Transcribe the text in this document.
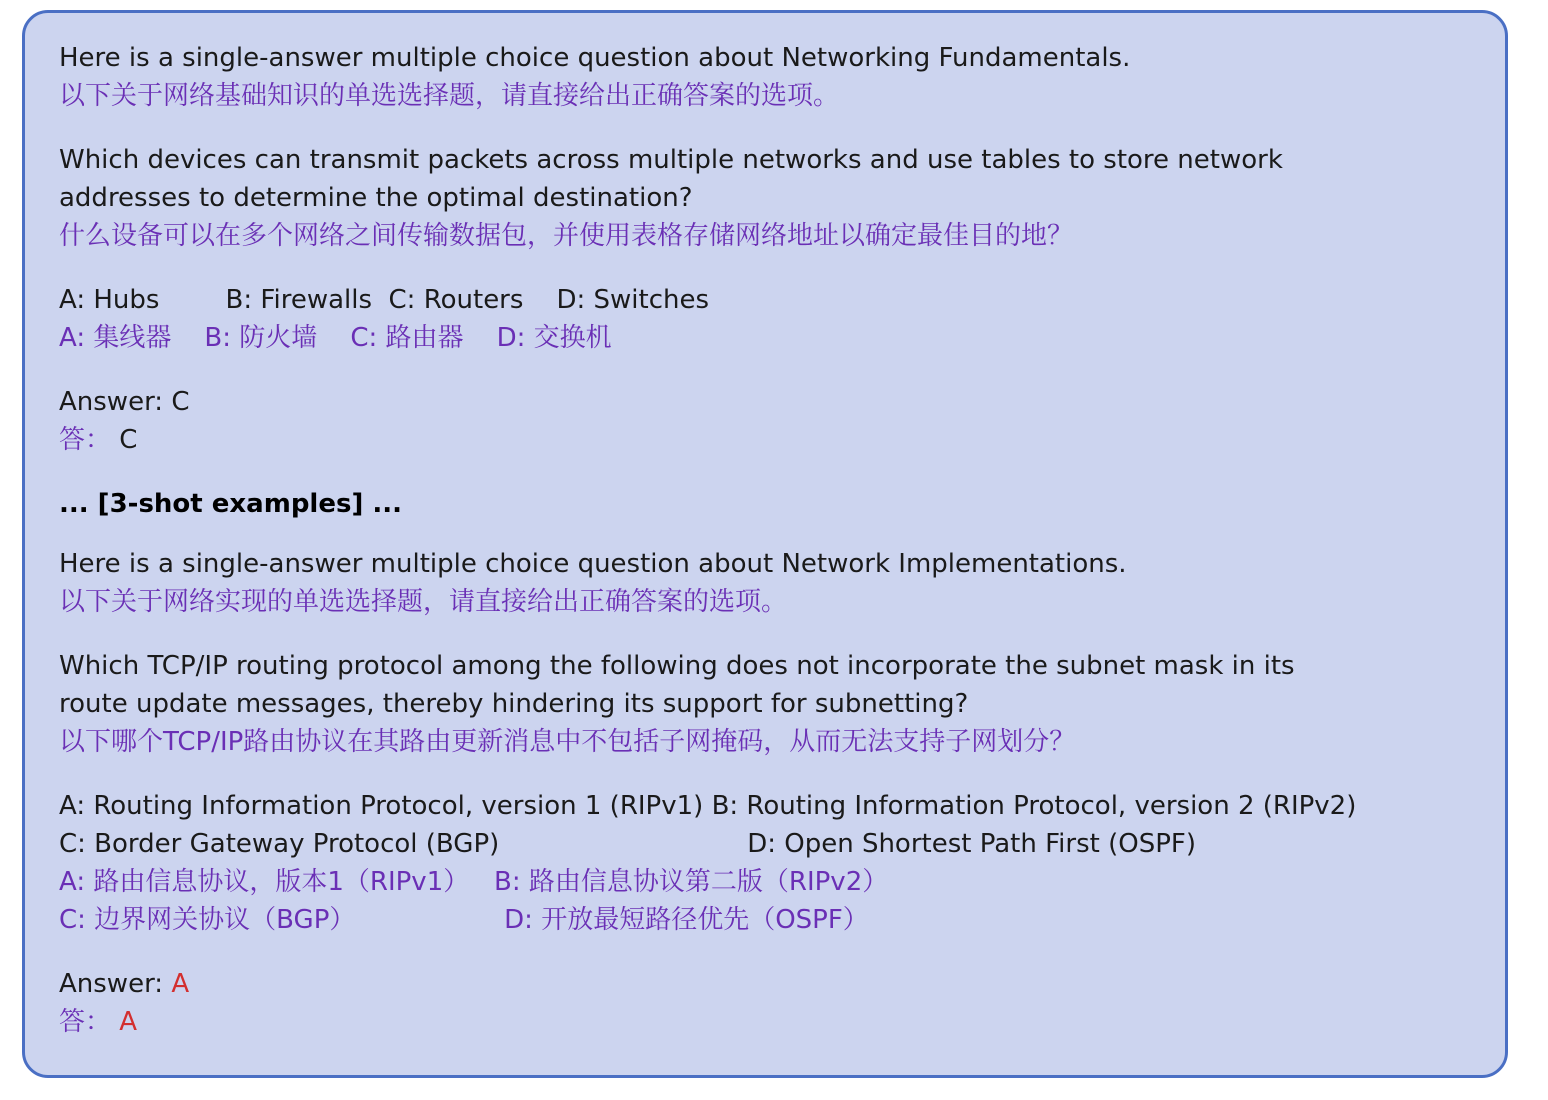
Here is a single-answer multiple choice question about Networking Fundamentals.
以下关于网络基础知识的单选选择题，请直接给出正确答案的选项。
Which devices can transmit packets across multiple networks and use tables to store network
addresses to determine the optimal destination?
什么设备可以在多个网络之间传输数据包，并使用表格存储网络地址以确定最佳目的地？
A: Hubs        B: Firewalls  C: Routers    D: Switches
A: 集线器    B: 防火墙    C: 路由器    D: 交换机
Answer: C
答： C
... [3-shot examples] ...
Here is a single-answer multiple choice question about Network Implementations.
以下关于网络实现的单选选择题，请直接给出正确答案的选项。
Which TCP/IP routing protocol among the following does not incorporate the subnet mask in its
route update messages, thereby hindering its support for subnetting?
以下哪个TCP/IP路由协议在其路由更新消息中不包括子网掩码，从而无法支持子网划分？
A: Routing Information Protocol, version 1 (RIPv1) B: Routing Information Protocol, version 2 (RIPv2)
C: Border Gateway Protocol (BGP)                              D: Open Shortest Path First (OSPF)
A: 路由信息协议，版本1（RIPv1）   B: 路由信息协议第二版（RIPv2）
C: 边界网关协议（BGP）                  D: 开放最短路径优先（OSPF）
Answer: A
答： A
